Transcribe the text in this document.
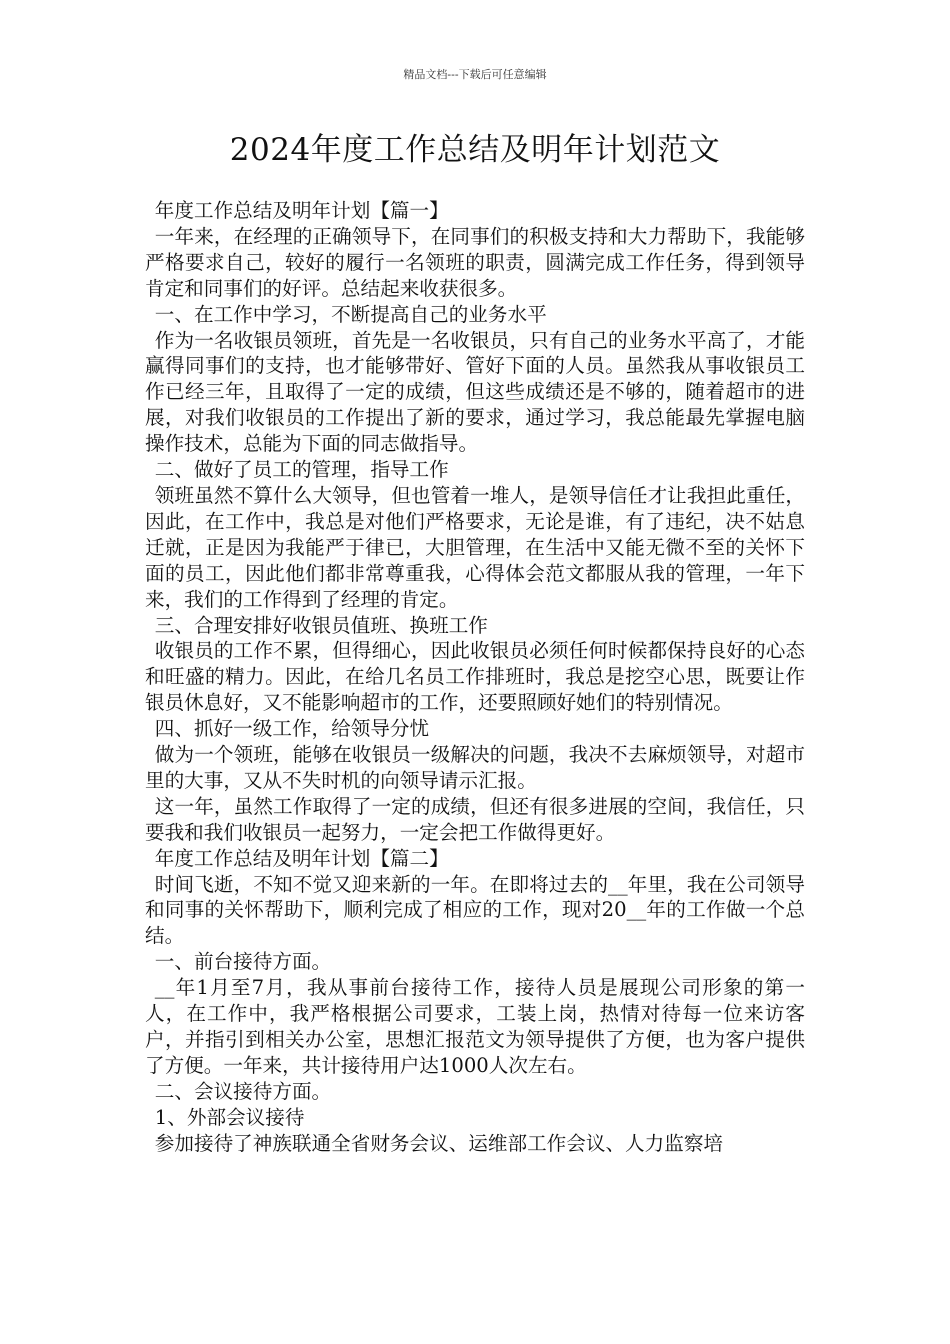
精品文档---下载后可任意编辑
2024年度工作总结及明年计划范文

年度工作总结及明年计划【篇一】

一年来，在经理的正确领导下，在同事们的积极支持和大力帮助下，我能够严格要求自己，较好的履行一名领班的职责，圆满完成工作任务，得到领导肯定和同事们的好评。总结起来收获很多。

一、在工作中学习，不断提高自己的业务水平

作为一名收银员领班，首先是一名收银员，只有自己的业务水平高了，才能赢得同事们的支持，也才能够带好、管好下面的人员。虽然我从事收银员工作已经三年，且取得了一定的成绩，但这些成绩还是不够的，随着超市的进展，对我们收银员的工作提出了新的要求，通过学习，我总能最先掌握电脑操作技术，总能为下面的同志做指导。

二、做好了员工的管理，指导工作

领班虽然不算什么大领导，但也管着一堆人，是领导信任才让我担此重任，因此，在工作中，我总是对他们严格要求，无论是谁，有了违纪，决不姑息迁就，正是因为我能严于律已，大胆管理，在生活中又能无微不至的关怀下面的员工，因此他们都非常尊重我，心得体会范文都服从我的管理，一年下来，我们的工作得到了经理的肯定。

三、合理安排好收银员值班、换班工作

收银员的工作不累，但得细心，因此收银员必须任何时候都保持良好的心态和旺盛的精力。因此，在给几名员工作排班时，我总是挖空心思，既要让作银员休息好，又不能影响超市的工作，还要照顾好她们的特别情况。

四、抓好一级工作，给领导分忧

做为一个领班，能够在收银员一级解决的问题，我决不去麻烦领导，对超市里的大事，又从不失时机的向领导请示汇报。

这一年，虽然工作取得了一定的成绩，但还有很多进展的空间，我信任，只要我和我们收银员一起努力，一定会把工作做得更好。

年度工作总结及明年计划【篇二】

时间飞逝，不知不觉又迎来新的一年。在即将过去的__年里，我在公司领导和同事的关怀帮助下，顺利完成了相应的工作，现对20__年的工作做一个总结。

一、前台接待方面。

__年1月至7月，我从事前台接待工作，接待人员是展现公司形象的第一人，在工作中，我严格根据公司要求，工装上岗，热情对待每一位来访客户，并指引到相关办公室，思想汇报范文为领导提供了方便，也为客户提供了方便。一年来，共计接待用户达1000人次左右。

二、会议接待方面。

1、外部会议接待

参加接待了神族联通全省财务会议、运维部工作会议、人力监察培
